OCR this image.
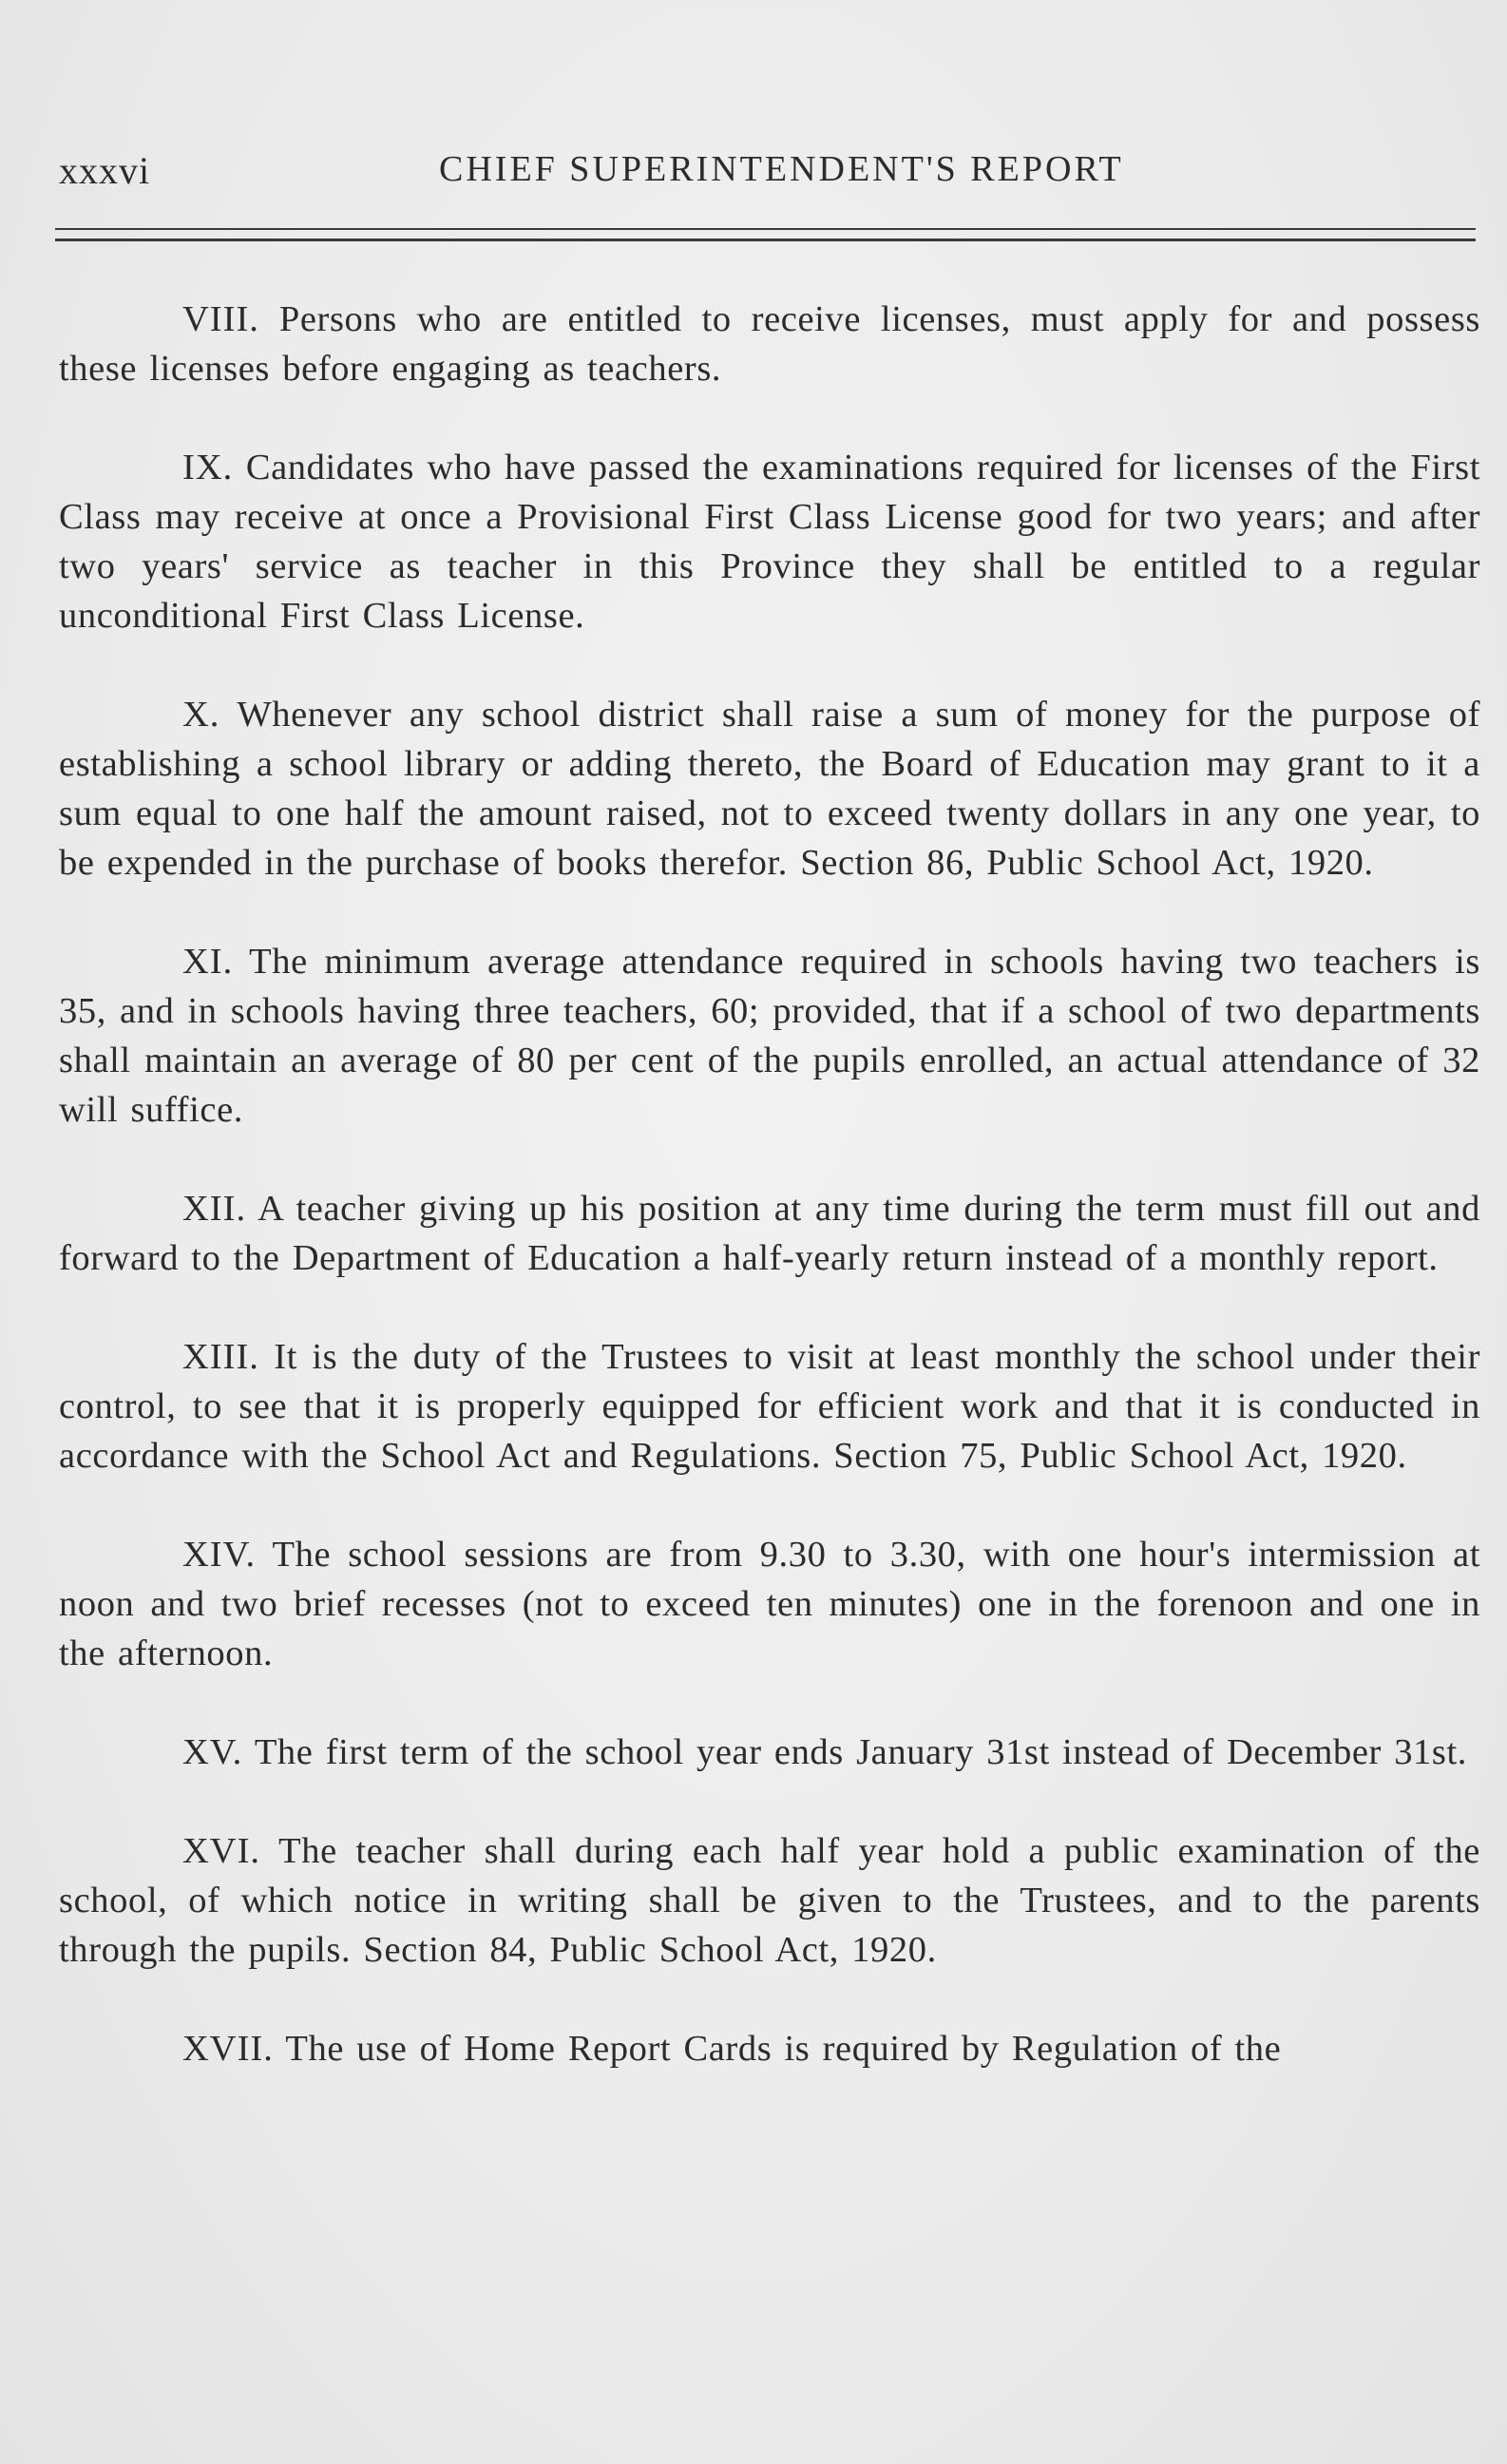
xxxvi	CHIEF SUPERINTENDENT'S REPORT

VIII. Persons who are entitled to receive licenses, must apply for and possess these licenses before engaging as teachers.

IX. Candidates who have passed the examinations required for licenses of the First Class may receive at once a Provisional First Class License good for two years; and after two years' service as teacher in this Province they shall be entitled to a regular unconditional First Class License.

X. Whenever any school district shall raise a sum of money for the purpose of establishing a school library or adding thereto, the Board of Education may grant to it a sum equal to one half the amount raised, not to exceed twenty dollars in any one year, to be expended in the purchase of books therefor. Section 86, Public School Act, 1920.

XI. The minimum average attendance required in schools having two teachers is 35, and in schools having three teachers, 60; provided, that if a school of two departments shall maintain an average of 80 per cent of the pupils enrolled, an actual attendance of 32 will suffice.

XII. A teacher giving up his position at any time during the term must fill out and forward to the Department of Education a half-yearly return instead of a monthly report.

XIII. It is the duty of the Trustees to visit at least monthly the school under their control, to see that it is properly equipped for efficient work and that it is conducted in accordance with the School Act and Regulations. Section 75, Public School Act, 1920.

XIV. The school sessions are from 9.30 to 3.30, with one hour's intermission at noon and two brief recesses (not to exceed ten minutes) one in the forenoon and one in the afternoon.

XV. The first term of the school year ends January 31st instead of December 31st.

XVI. The teacher shall during each half year hold a public examination of the school, of which notice in writing shall be given to the Trustees, and to the parents through the pupils. Section 84, Public School Act, 1920.

XVII. The use of Home Report Cards is required by Regulation of the
